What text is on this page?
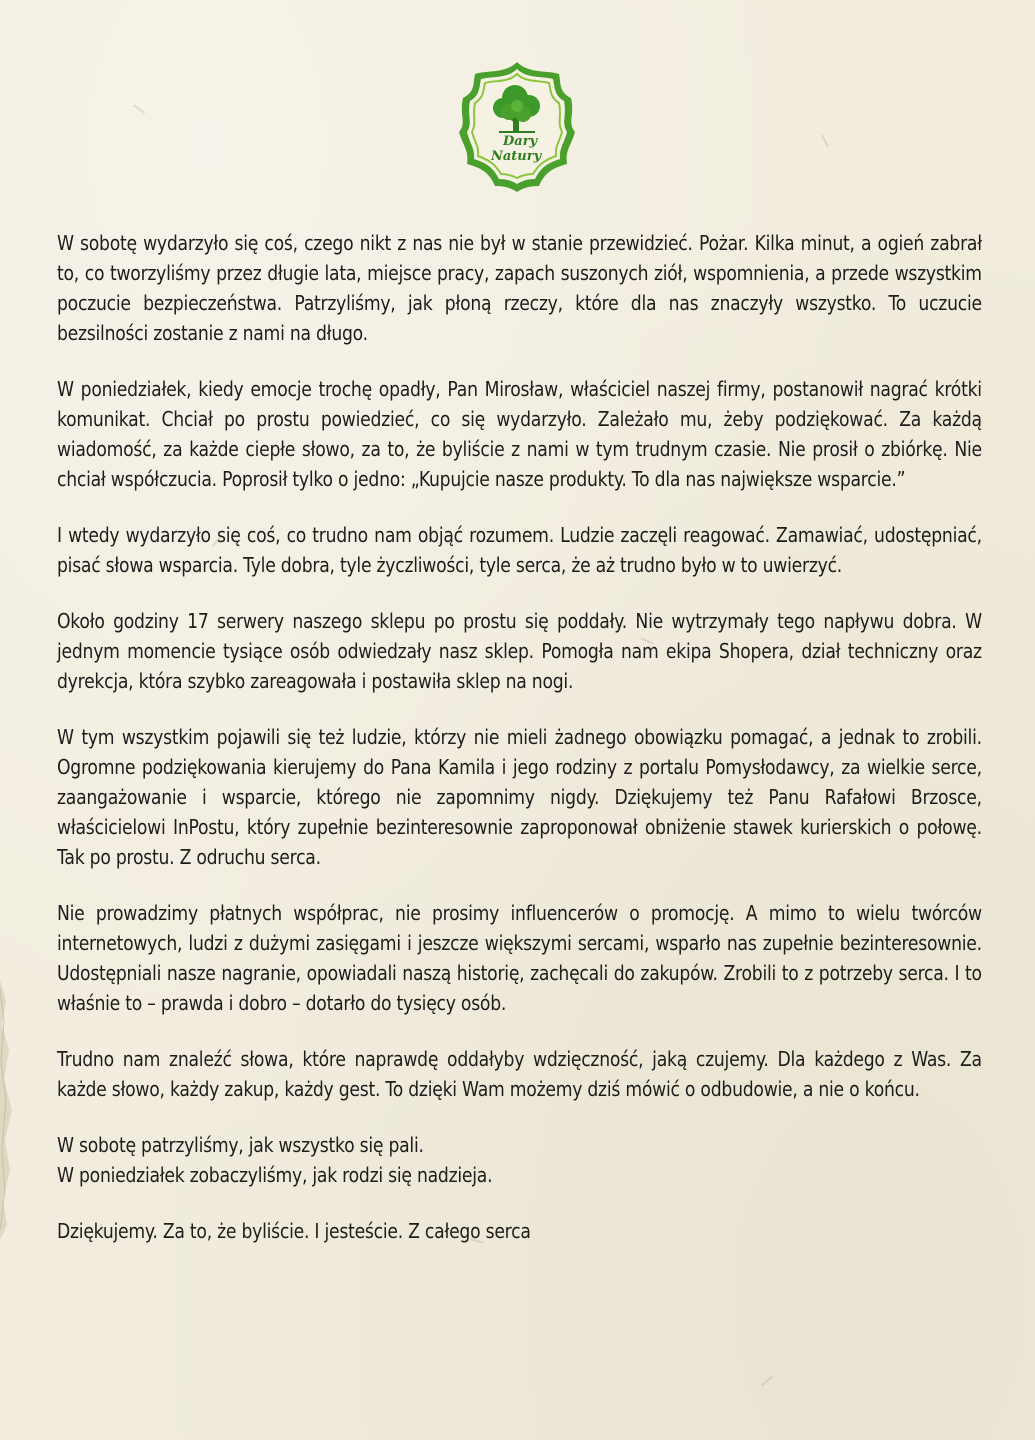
Dary
Natury

W sobotę wydarzyło się coś, czego nikt z nas nie był w stanie przewidzieć. Pożar. Kilka minut, a ogień zabrał to, co tworzyliśmy przez długie lata, miejsce pracy, zapach suszonych ziół, wspomnienia, a przede wszystkim poczucie bezpieczeństwa. Patrzyliśmy, jak płoną rzeczy, które dla nas znaczyły wszystko. To uczucie bezsilności zostanie z nami na długo.

W poniedziałek, kiedy emocje trochę opadły, Pan Mirosław, właściciel naszej firmy, postanowił nagrać krótki komunikat. Chciał po prostu powiedzieć, co się wydarzyło. Zależało mu, żeby podziękować. Za każdą wiadomość, za każde ciepłe słowo, za to, że byliście z nami w tym trudnym czasie. Nie prosił o zbiórkę. Nie chciał współczucia. Poprosił tylko o jedno: „Kupujcie nasze produkty. To dla nas największe wsparcie.”

I wtedy wydarzyło się coś, co trudno nam objąć rozumem. Ludzie zaczęli reagować. Zamawiać, udostępniać, pisać słowa wsparcia. Tyle dobra, tyle życzliwości, tyle serca, że aż trudno było w to uwierzyć.

Około godziny 17 serwery naszego sklepu po prostu się poddały. Nie wytrzymały tego napływu dobra. W jednym momencie tysiące osób odwiedzały nasz sklep. Pomogła nam ekipa Shopera, dział techniczny oraz dyrekcja, która szybko zareagowała i postawiła sklep na nogi.

W tym wszystkim pojawili się też ludzie, którzy nie mieli żadnego obowiązku pomagać, a jednak to zrobili. Ogromne podziękowania kierujemy do Pana Kamila i jego rodziny z portalu Pomysłodawcy, za wielkie serce, zaangażowanie i wsparcie, którego nie zapomnimy nigdy. Dziękujemy też Panu Rafałowi Brzosce, właścicielowi InPostu, który zupełnie bezinteresownie zaproponował obniżenie stawek kurierskich o połowę. Tak po prostu. Z odruchu serca.

Nie prowadzimy płatnych współprac, nie prosimy influencerów o promocję. A mimo to wielu twórców internetowych, ludzi z dużymi zasięgami i jeszcze większymi sercami, wsparło nas zupełnie bezinteresownie. Udostępniali nasze nagranie, opowiadali naszą historię, zachęcali do zakupów. Zrobili to z potrzeby serca. I to właśnie to – prawda i dobro – dotarło do tysięcy osób.

Trudno nam znaleźć słowa, które naprawdę oddałyby wdzięczność, jaką czujemy. Dla każdego z Was. Za każde słowo, każdy zakup, każdy gest. To dzięki Wam możemy dziś mówić o odbudowie, a nie o końcu.

W sobotę patrzyliśmy, jak wszystko się pali.
W poniedziałek zobaczyliśmy, jak rodzi się nadzieja.

Dziękujemy. Za to, że byliście. I jesteście. Z całego serca
